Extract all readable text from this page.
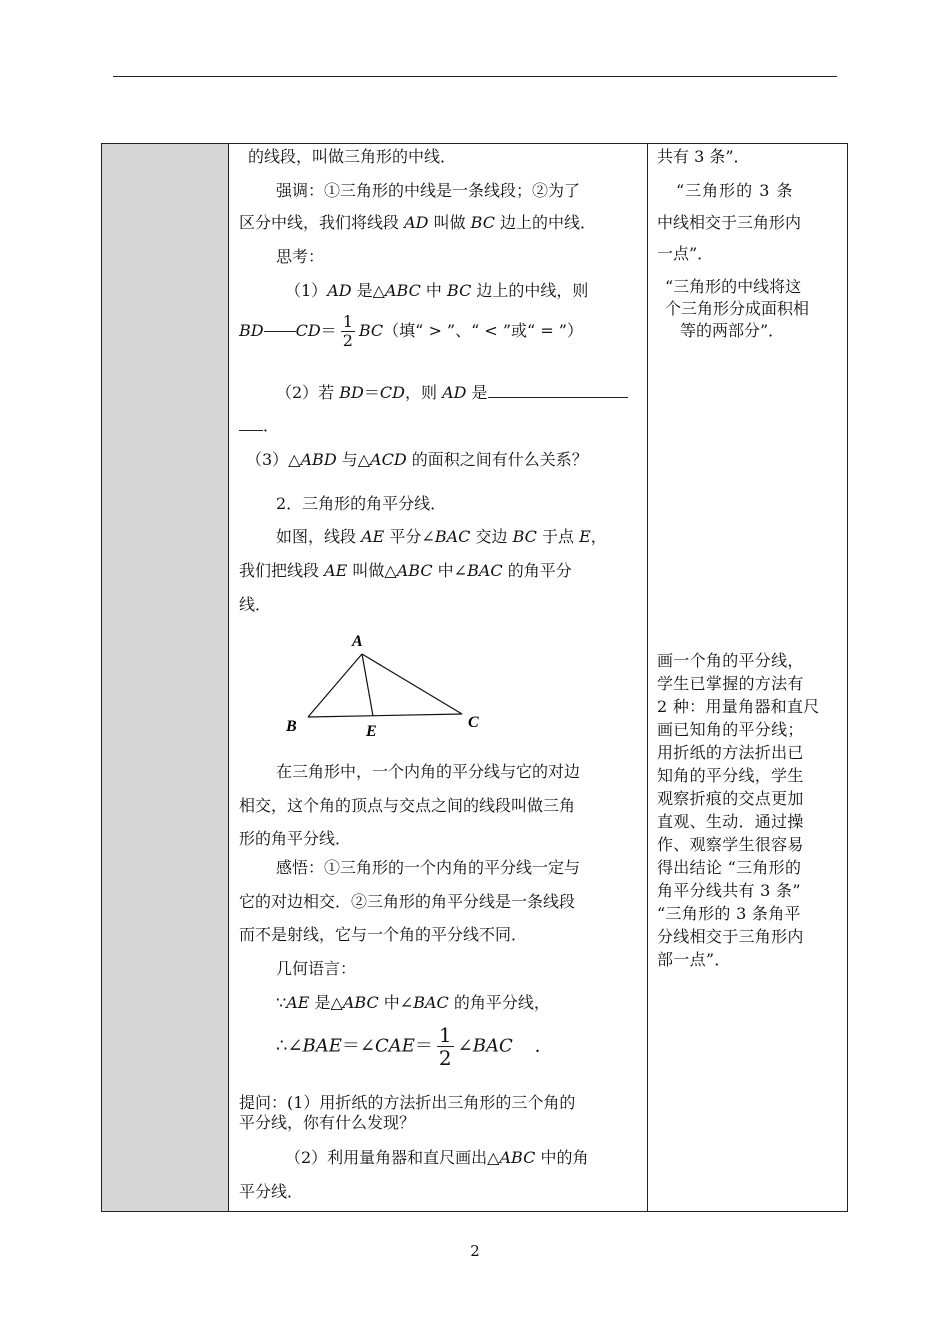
的线段，叫做三角形的中线．
强调：①三角形的中线是一条线段；②为了
区分中线，我们将线段 AD 叫做 BC 边上的中线．
思考：
（1）AD 是△ABC 中 BC 边上的中线，则
BD $CD= \frac{1}{2} BC$（填“ > ”、“ < ”或“ = ”）
（2）若 BD＝CD，则 AD 是
．
（3）△ABD 与△ACD 的面积之间有什么关系？
2．三角形的角平分线．
如图，线段 AE 平分∠BAC 交边 BC 于点 E，
我们把线段 AE 叫做△ABC 中∠BAC 的角平分
线．
A
B	C
E
在三角形中，一个内角的平分线与它的对边
相交，这个角的顶点与交点之间的线段叫做三角
形的角平分线．
感悟：①三角形的一个内角的平分线一定与
它的对边相交．②三角形的角平分线是一条线段
而不是射线，它与一个角的平分线不同．
几何语言：
∵AE 是△ABC 中∠BAC 的角平分线，
∴∠BAE＝∠CAE＝ $\frac{1}{2}$ ∠BAC ．
提问：(1）用折纸的方法折出三角形的三个角的
平分线，你有什么发现？
（2）利用量角器和直尺画出△ABC 中的角
平分线．
共有 3 条”．
“三角形的 3 条
中线相交于三角形内
一点”．
“三角形的中线将这
个三角形分成面积相
等的两部分”．
画一个角的平分线，
学生已掌握的方法有
2 种：用量角器和直尺
画已知角的平分线；
用折纸的方法折出已
知角的平分线，学生
观察折痕的交点更加
直观、生动．通过操
作、观察学生很容易
得出结论 “三角形的
角平分线共有 3 条”
“三角形的 3 条角平
分线相交于三角形内
部一点”．
2
